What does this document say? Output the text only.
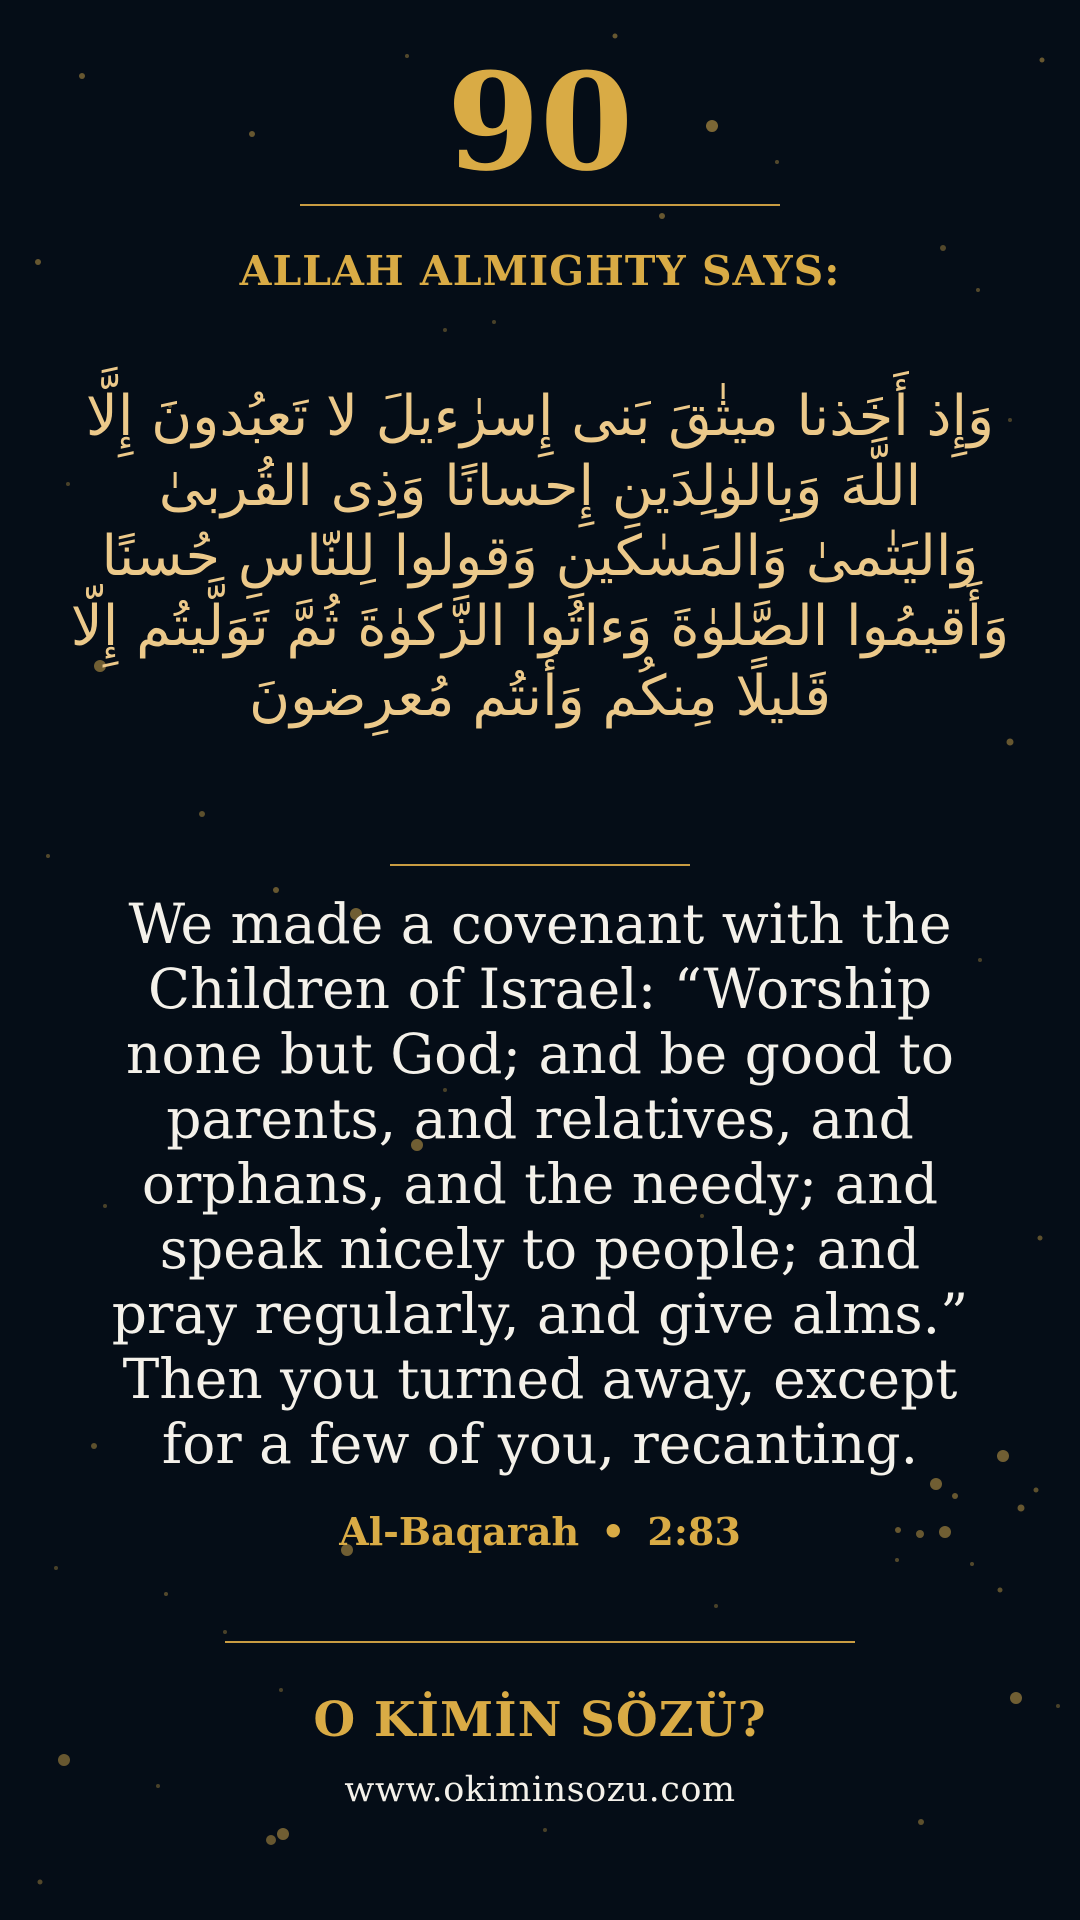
90
ALLAH ALMIGHTY SAYS:
وَإِذ أَخَذنا ميثٰقَ بَنى إِسرٰءيلَ لا تَعبُدونَ إِلَّا اللَّهَ وَبِالوٰلِدَينِ إِحسانًا وَذِى القُربىٰ وَاليَتٰمىٰ وَالمَسٰكينِ وَقولوا لِلنّاسِ حُسنًا وَأَقيمُوا الصَّلوٰةَ وَءاتُوا الزَّكوٰةَ ثُمَّ تَوَلَّيتُم إِلّا قَليلًا مِنكُم وَأَنتُم مُعرِضونَ
We made a covenant with the Children of Israel: “Worship none but God; and be good to parents, and relatives, and orphans, and the needy; and speak nicely to people; and pray regularly, and give alms.” Then you turned away, except for a few of you, recanting.
Al-Baqarah • 2:83
O KİMİN SÖZÜ?
www.okiminsozu.com
